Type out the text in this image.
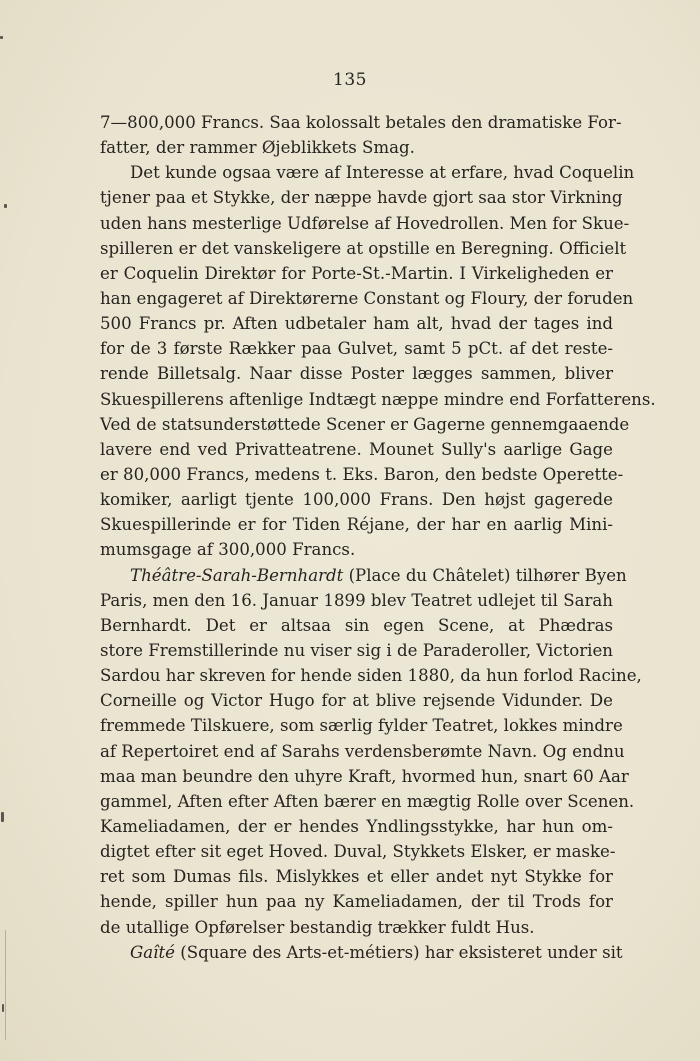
135
7—800,000 Francs. Saa kolossalt betales den dramatiske For-
fatter, der rammer Øjeblikkets Smag.
Det kunde ogsaa være af Interesse at erfare, hvad Coquelin
tjener paa et Stykke, der næppe havde gjort saa stor Virkning
uden hans mesterlige Udførelse af Hovedrollen. Men for Skue-
spilleren er det vanskeligere at opstille en Beregning. Officielt
er Coquelin Direktør for Porte-St.-Martin. I Virkeligheden er
han engageret af Direktørerne Constant og Floury, der foruden
500 Francs pr. Aften udbetaler ham alt, hvad der tages ind
for de 3 første Rækker paa Gulvet, samt 5 pCt. af det reste-
rende Billetsalg. Naar disse Poster lægges sammen, bliver
Skuespillerens aftenlige Indtægt næppe mindre end Forfatterens.
Ved de statsunderstøttede Scener er Gagerne gennemgaaende
lavere end ved Privatteatrene. Mounet Sully's aarlige Gage
er 80,000 Francs, medens t. Eks. Baron, den bedste Operette-
komiker, aarligt tjente 100,000 Frans. Den højst gagerede
Skuespillerinde er for Tiden Réjane, der har en aarlig Mini-
mumsgage af 300,000 Francs.
Théâtre-Sarah-Bernhardt (Place du Châtelet) tilhører Byen
Paris, men den 16. Januar 1899 blev Teatret udlejet til Sarah
Bernhardt. Det er altsaa sin egen Scene, at Phædras
store Fremstillerinde nu viser sig i de Paraderoller, Victorien
Sardou har skreven for hende siden 1880, da hun forlod Racine,
Corneille og Victor Hugo for at blive rejsende Vidunder. De
fremmede Tilskuere, som særlig fylder Teatret, lokkes mindre
af Repertoiret end af Sarahs verdensberømte Navn. Og endnu
maa man beundre den uhyre Kraft, hvormed hun, snart 60 Aar
gammel, Aften efter Aften bærer en mægtig Rolle over Scenen.
Kameliadamen, der er hendes Yndlingsstykke, har hun om-
digtet efter sit eget Hoved. Duval, Stykkets Elsker, er maske-
ret som Dumas fils. Mislykkes et eller andet nyt Stykke for
hende, spiller hun paa ny Kameliadamen, der til Trods for
de utallige Opførelser bestandig trækker fuldt Hus.
Gaîté (Square des Arts-et-métiers) har eksisteret under sit
